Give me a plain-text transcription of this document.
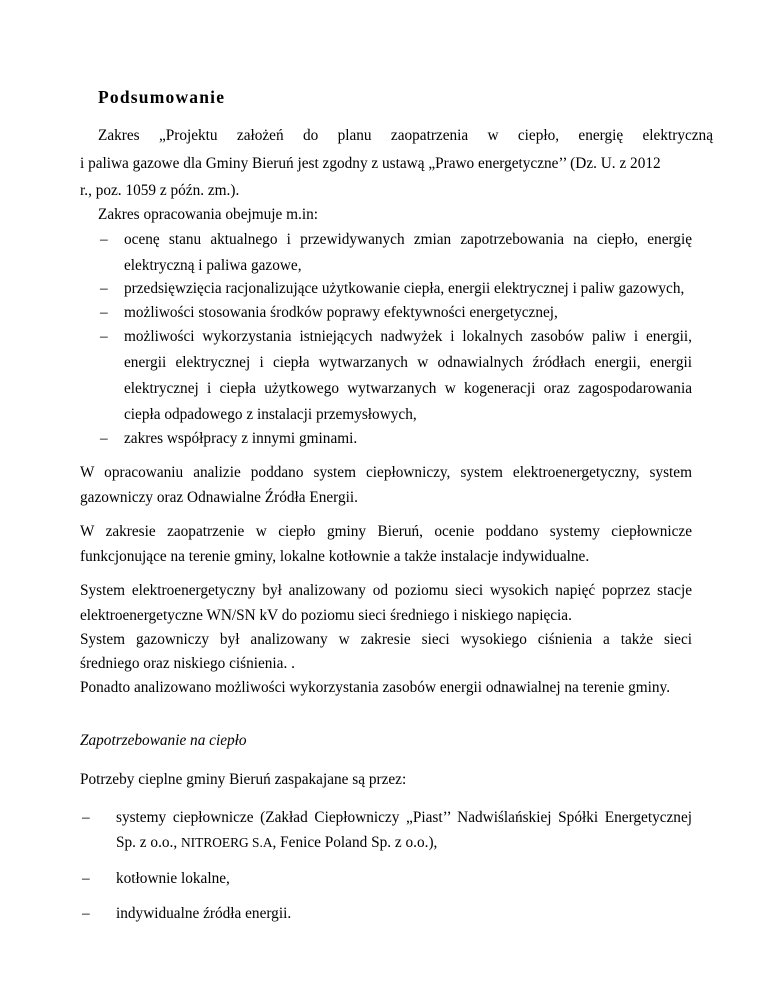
Podsumowanie
Zakres „Projektu założeń do planu zaopatrzenia w ciepło, energię elektryczną
i paliwa gazowe dla Gminy Bieruń jest zgodny z ustawą „Prawo energetyczne’’ (Dz. U. z 2012
r., poz. 1059 z późn. zm.).
Zakres opracowania obejmuje m.in:
– ocenę stanu aktualnego i przewidywanych zmian zapotrzebowania na ciepło, energię
elektryczną i paliwa gazowe,
– przedsięwzięcia racjonalizujące użytkowanie ciepła, energii elektrycznej i paliw gazowych,
– możliwości stosowania środków poprawy efektywności energetycznej,
– możliwości wykorzystania istniejących nadwyżek i lokalnych zasobów paliw i energii,
energii elektrycznej i ciepła wytwarzanych w odnawialnych źródłach energii, energii
elektrycznej i ciepła użytkowego wytwarzanych w kogeneracji oraz zagospodarowania
ciepła odpadowego z instalacji przemysłowych,
– zakres współpracy z innymi gminami.
W opracowaniu analizie poddano system ciepłowniczy, system elektroenergetyczny, system
gazowniczy oraz Odnawialne Źródła Energii.
W zakresie zaopatrzenie w ciepło gminy Bieruń, ocenie poddano systemy ciepłownicze
funkcjonujące na terenie gminy, lokalne kotłownie a także instalacje indywidualne.
System elektroenergetyczny był analizowany od poziomu sieci wysokich napięć poprzez stacje
elektroenergetyczne WN/SN kV do poziomu sieci średniego i niskiego napięcia.
System gazowniczy był analizowany w zakresie sieci wysokiego ciśnienia a także sieci
średniego oraz niskiego ciśnienia. .
Ponadto analizowano możliwości wykorzystania zasobów energii odnawialnej na terenie gminy.
Zapotrzebowanie na ciepło
Potrzeby cieplne gminy Bieruń zaspakajane są przez:
– systemy ciepłownicze (Zakład Ciepłowniczy „Piast’’ Nadwiślańskiej Spółki Energetycznej
Sp. z o.o., NITROERG S.A, Fenice Poland Sp. z o.o.),
– kotłownie lokalne,
– indywidualne źródła energii.
